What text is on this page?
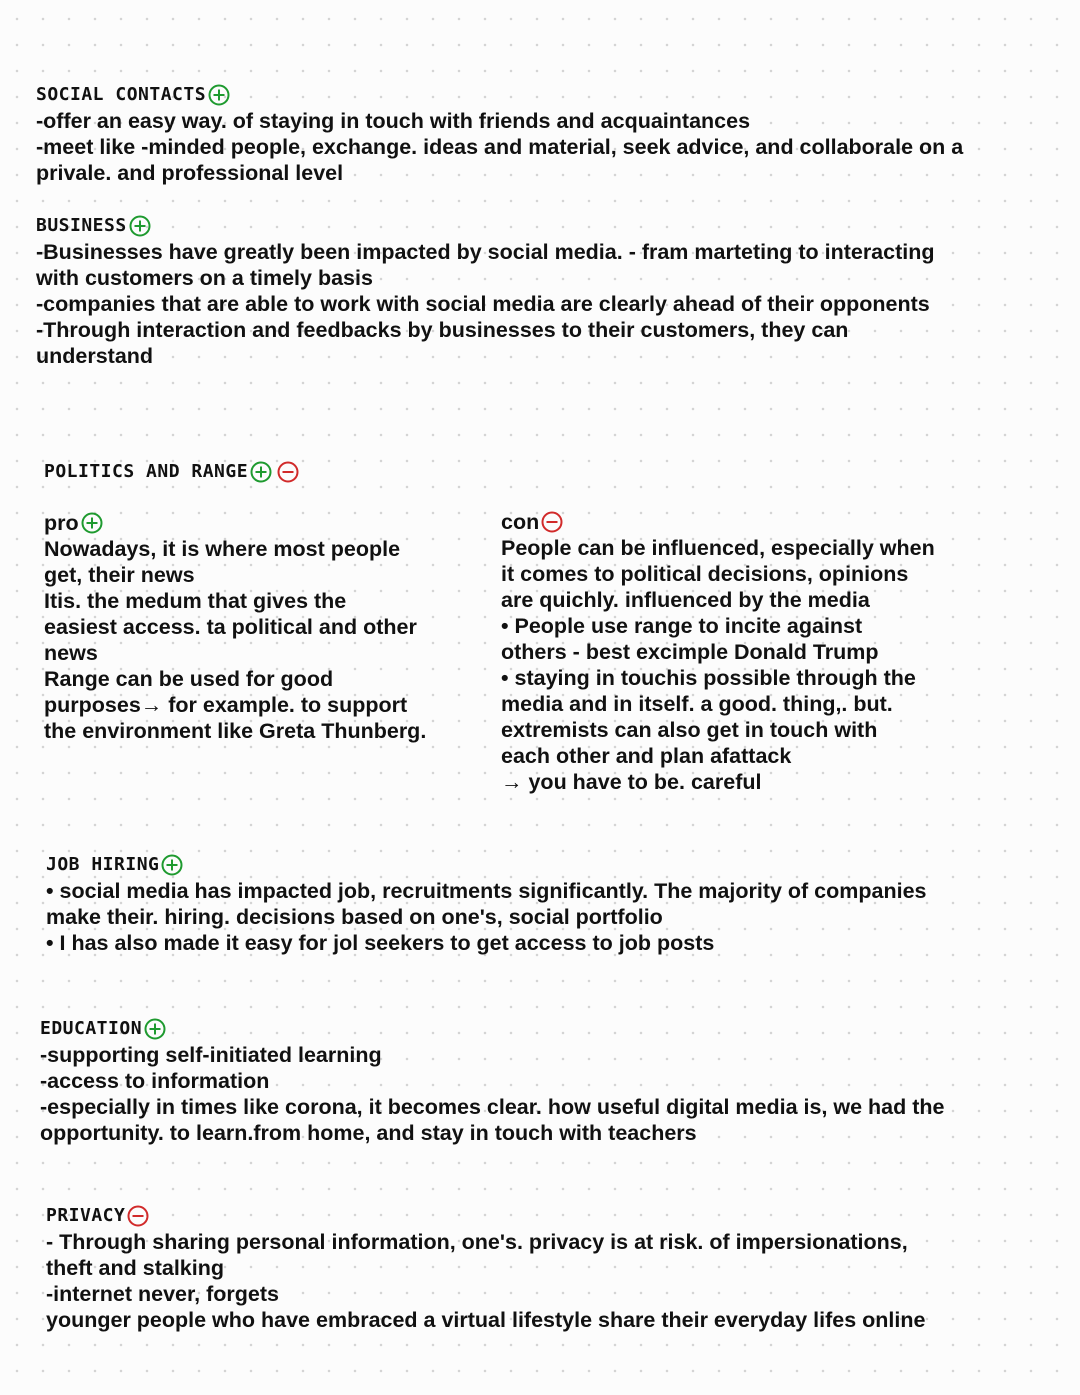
SOCIAL CONTACTS
-offer an easy way. of staying in touch with friends and acquaintances
-meet like -minded people, exchange. ideas and material, seek advice, and collaborale on a
privale. and professional level
BUSINESS
-Businesses have greatly been impacted by social media. - fram marteting to interacting
with customers on a timely basis
-companies that are able to work with social media are clearly ahead of their opponents
-Through interaction and feedbacks by businesses to their customers, they can
understand
POLITICS AND RANGE
pro
Nowadays, it is where most people
get, their news
Itis. the medum that gives the
easiest access. ta political and other
news
Range can be used for good
purposes→ for example. to support
the environment like Greta Thunberg.
con
People can be influenced, especially when
it comes to political decisions, opinions
are quichly. influenced by the media
• People use range to incite against
others - best excimple Donald Trump
• staying in touchis possible through the
media and in itself. a good. thing,. but.
extremists can also get in touch with
each other and plan afattack
→ you have to be. careful
JOB HIRING
• social media has impacted job, recruitments significantly. The majority of companies
make their. hiring. decisions based on one's, social portfolio
• I has also made it easy for jol seekers to get access to job posts
EDUCATION
-supporting self-initiated learning
-access to information
-especially in times like corona, it becomes clear. how useful digital media is, we had the
opportunity. to learn.from home, and stay in touch with teachers
PRIVACY
- Through sharing personal information, one's. privacy is at risk. of impersionations,
theft and stalking
-internet never, forgets
younger people who have embraced a virtual lifestyle share their everyday lifes online
